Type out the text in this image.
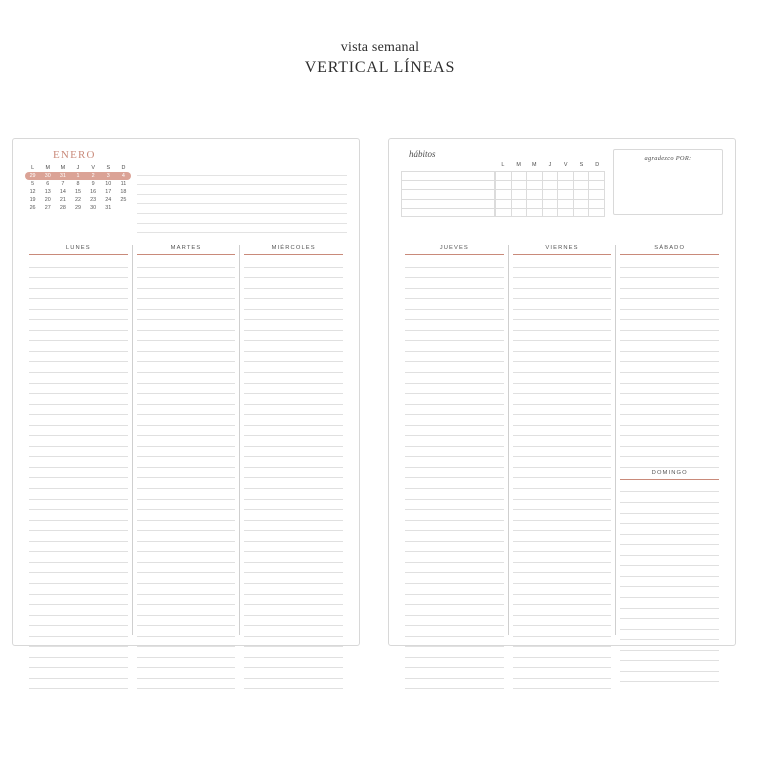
vista semanal
VERTICAL LÍNEAS
ENERO
L	M	M	J	V	S	D
29	30	31	1	2	3	4
5	6	7	8	9	10	11
12	13	14	15	16	17	18
19	20	21	22	23	24	25
26	27	28	29	30	31	
LUNES	MARTES	MIÉRCOLES
hábitos
L	M	M	J	V	S	D
agradezco POR:
JUEVES	VIERNES	SÁBADO
DOMINGO
